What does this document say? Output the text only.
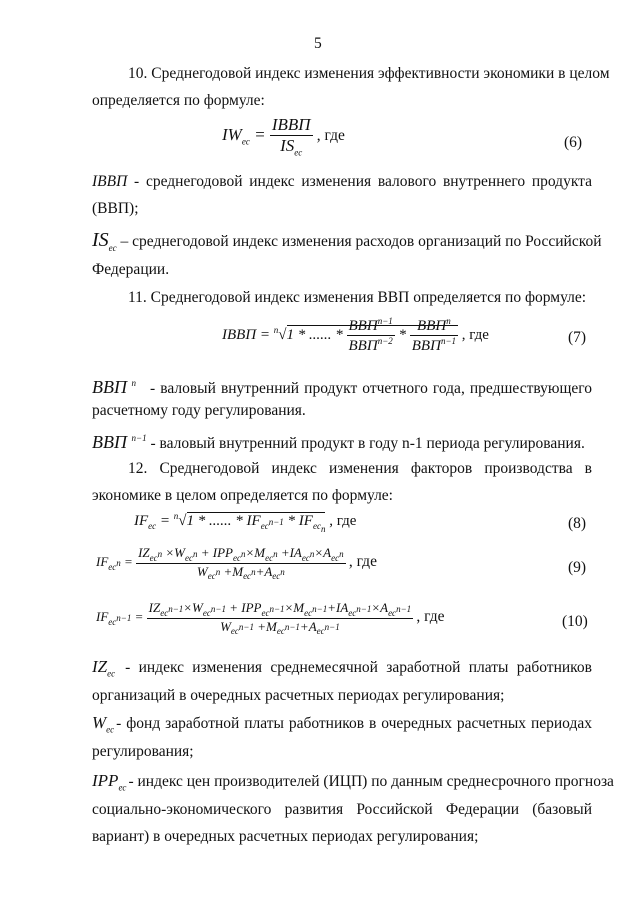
5
10. Среднегодовой индекс изменения эффективности экономики в целом
определяется по формуле:
$IW_{ec} = \frac{\text{IВВП}}{IS_{ec}}$ , где	(6)
IВВП - среднегодовой индекс изменения валового внутреннего продукта
(ВВП);
$IS_{ec}$ – среднегодовой индекс изменения расходов организаций по Российской
Федерации.
11. Среднегодовой индекс изменения ВВП определяется по формуле:
IВВП = $^n$√1 * ...... * $\frac{ВВП^{n-1}}{ВВП^{n-2}} * \frac{ВВП^n}{ВВП^{n-1}}$ , где	(7)
ВВП $^n$ - валовый внутренний продукт отчетного года, предшествующего
расчетному году регулирования.
ВВП $^{n-1}$ - валовый внутренний продукт в году n-1 периода регулирования.
12. Среднегодовой индекс изменения факторов производства в
экономике в целом определяется по формуле:
$IF_{ec} = ^n√1$ * ...... * $IF_{ec^{n-1}} * IF_{ec_n}$ , где	(8)
$IF_{ec^n} = \frac{IZ_{ec^n} \times W_{ec^n} + IPP_{ec^n}\times M_{ec^n} +IA_{ec^n}\times A_{ec^n}}{W_{ec^n} +M_{ec^n}+A_{ec^n}}$ , где	(9)
$IF_{ec^{n-1}} = \frac{IZ_{ec^{n-1}}\times W_{ec^{n-1}} + IPP_{ec^{n-1}}\times M_{ec^{n-1}}+IA_{ec^{n-1}}\times A_{ec^{n-1}}}{W_{ec^{n-1}} +M_{ec^{n-1}}+A_{ec^{n-1}}}$ , где	(10)
$IZ_{ec}$ - индекс изменения среднемесячной заработной платы работников
организаций в очередных расчетных периодах регулирования;
$W_{ec}$ - фонд заработной платы работников в очередных расчетных периодах
регулирования;
$IPP_{ec}$ - индекс цен производителей (ИЦП) по данным среднесрочного прогноза
социально-экономического развития Российской Федерации (базовый
вариант) в очередных расчетных периодах регулирования;
